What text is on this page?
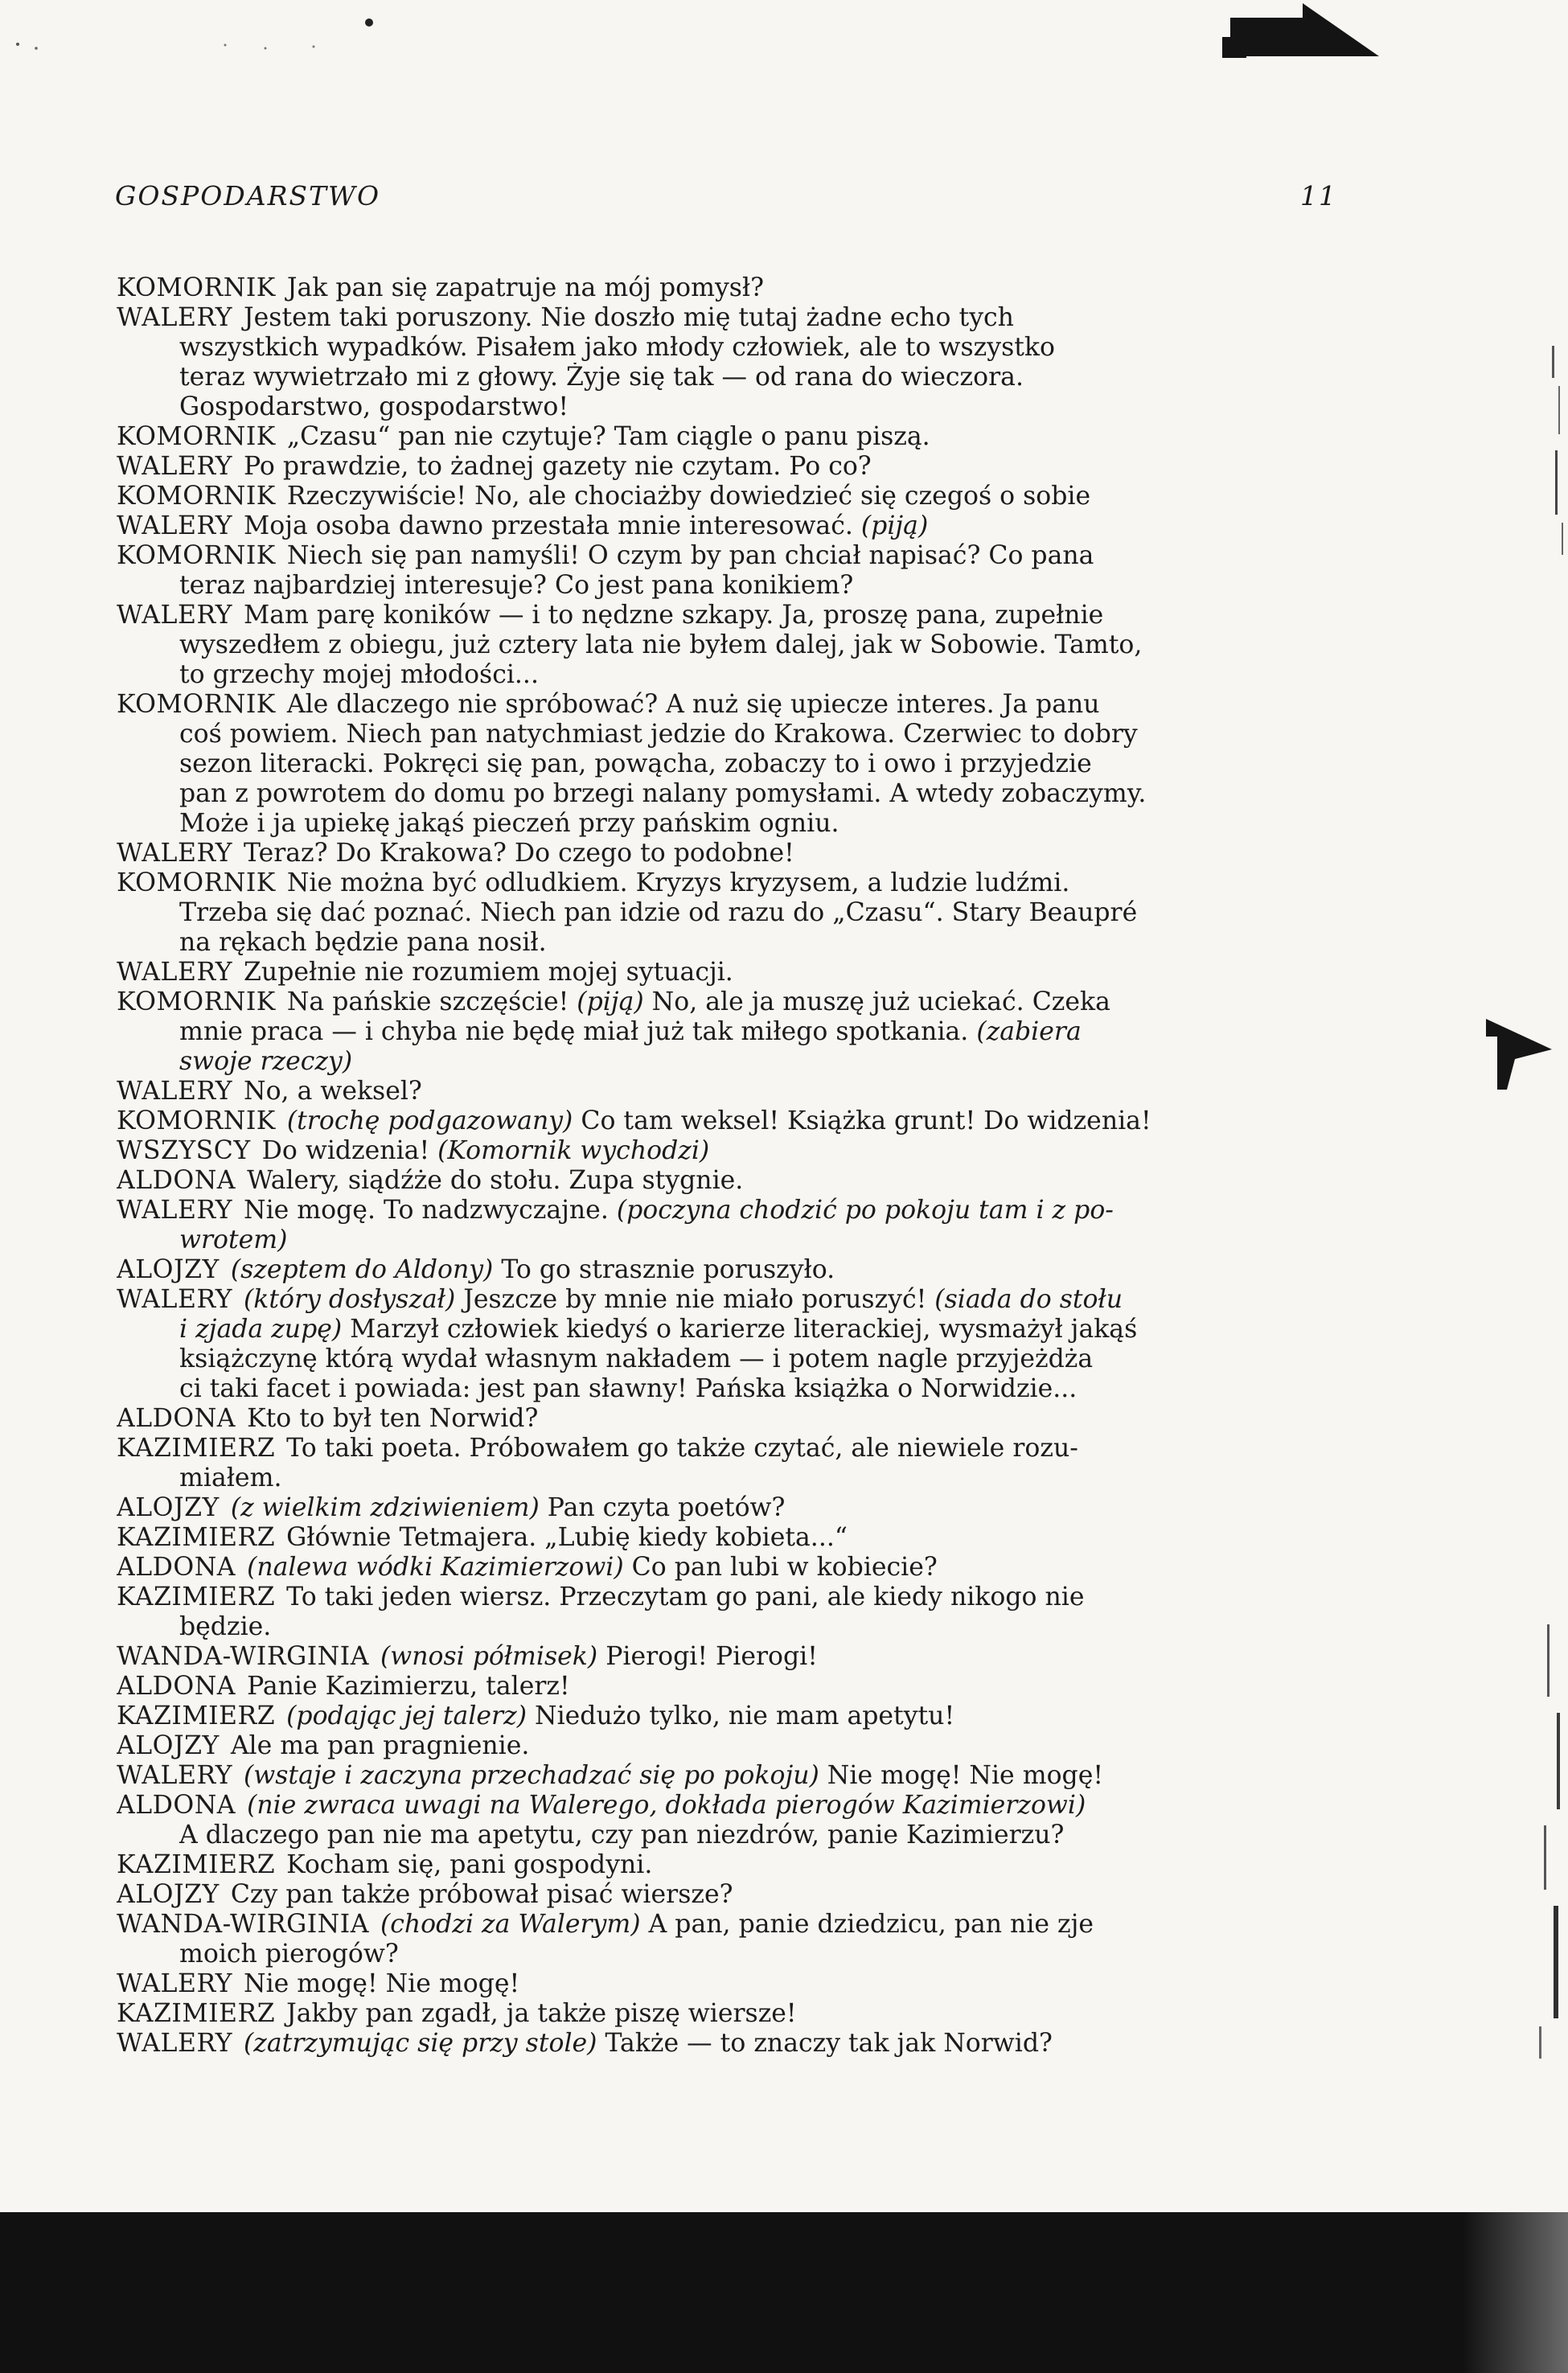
GOSPODARSTWO	11
KOMORNIK Jak pan się zapatruje na mój pomysł?
WALERY Jestem taki poruszony. Nie doszło mię tutaj żadne echo tych
wszystkich wypadków. Pisałem jako młody człowiek, ale to wszystko
teraz wywietrzało mi z głowy. Żyje się tak — od rana do wieczora.
Gospodarstwo, gospodarstwo!
KOMORNIK „Czasu“ pan nie czytuje? Tam ciągle o panu piszą.
WALERY Po prawdzie, to żadnej gazety nie czytam. Po co?
KOMORNIK Rzeczywiście! No, ale chociażby dowiedzieć się czegoś o sobie
WALERY Moja osoba dawno przestała mnie interesować. (piją)
KOMORNIK Niech się pan namyśli! O czym by pan chciał napisać? Co pana
teraz najbardziej interesuje? Co jest pana konikiem?
WALERY Mam parę koników — i to nędzne szkapy. Ja, proszę pana, zupełnie
wyszedłem z obiegu, już cztery lata nie byłem dalej, jak w Sobowie. Tamto,
to grzechy mojej młodości...
KOMORNIK Ale dlaczego nie spróbować? A nuż się upiecze interes. Ja panu
coś powiem. Niech pan natychmiast jedzie do Krakowa. Czerwiec to dobry
sezon literacki. Pokręci się pan, powącha, zobaczy to i owo i przyjedzie
pan z powrotem do domu po brzegi nalany pomysłami. A wtedy zobaczymy.
Może i ja upiekę jakąś pieczeń przy pańskim ogniu.
WALERY Teraz? Do Krakowa? Do czego to podobne!
KOMORNIK Nie można być odludkiem. Kryzys kryzysem, a ludzie ludźmi.
Trzeba się dać poznać. Niech pan idzie od razu do „Czasu“. Stary Beaupré
na rękach będzie pana nosił.
WALERY Zupełnie nie rozumiem mojej sytuacji.
KOMORNIK Na pańskie szczęście! (piją) No, ale ja muszę już uciekać. Czeka
mnie praca — i chyba nie będę miał już tak miłego spotkania. (zabiera
swoje rzeczy)
WALERY No, a weksel?
KOMORNIK (trochę podgazowany) Co tam weksel! Książka grunt! Do widzenia!
WSZYSCY Do widzenia! (Komornik wychodzi)
ALDONA Walery, siądźże do stołu. Zupa stygnie.
WALERY Nie mogę. To nadzwyczajne. (poczyna chodzić po pokoju tam i z po-
wrotem)
ALOJZY (szeptem do Aldony) To go strasznie poruszyło.
WALERY (który dosłyszał) Jeszcze by mnie nie miało poruszyć! (siada do stołu
i zjada zupę) Marzył człowiek kiedyś o karierze literackiej, wysmażył jakąś
książczynę którą wydał własnym nakładem — i potem nagle przyjeżdża
ci taki facet i powiada: jest pan sławny! Pańska książka o Norwidzie...
ALDONA Kto to był ten Norwid?
KAZIMIERZ To taki poeta. Próbowałem go także czytać, ale niewiele rozu-
miałem.
ALOJZY (z wielkim zdziwieniem) Pan czyta poetów?
KAZIMIERZ Głównie Tetmajera. „Lubię kiedy kobieta...“
ALDONA (nalewa wódki Kazimierzowi) Co pan lubi w kobiecie?
KAZIMIERZ To taki jeden wiersz. Przeczytam go pani, ale kiedy nikogo nie
będzie.
WANDA-WIRGINIA (wnosi półmisek) Pierogi! Pierogi!
ALDONA Panie Kazimierzu, talerz!
KAZIMIERZ (podając jej talerz) Niedużo tylko, nie mam apetytu!
ALOJZY Ale ma pan pragnienie.
WALERY (wstaje i zaczyna przechadzać się po pokoju) Nie mogę! Nie mogę!
ALDONA (nie zwraca uwagi na Walerego, dokłada pierogów Kazimierzowi)
A dlaczego pan nie ma apetytu, czy pan niezdrów, panie Kazimierzu?
KAZIMIERZ Kocham się, pani gospodyni.
ALOJZY Czy pan także próbował pisać wiersze?
WANDA-WIRGINIA (chodzi za Walerym) A pan, panie dziedzicu, pan nie zje
moich pierogów?
WALERY Nie mogę! Nie mogę!
KAZIMIERZ Jakby pan zgadł, ja także piszę wiersze!
WALERY (zatrzymując się przy stole) Także — to znaczy tak jak Norwid?
